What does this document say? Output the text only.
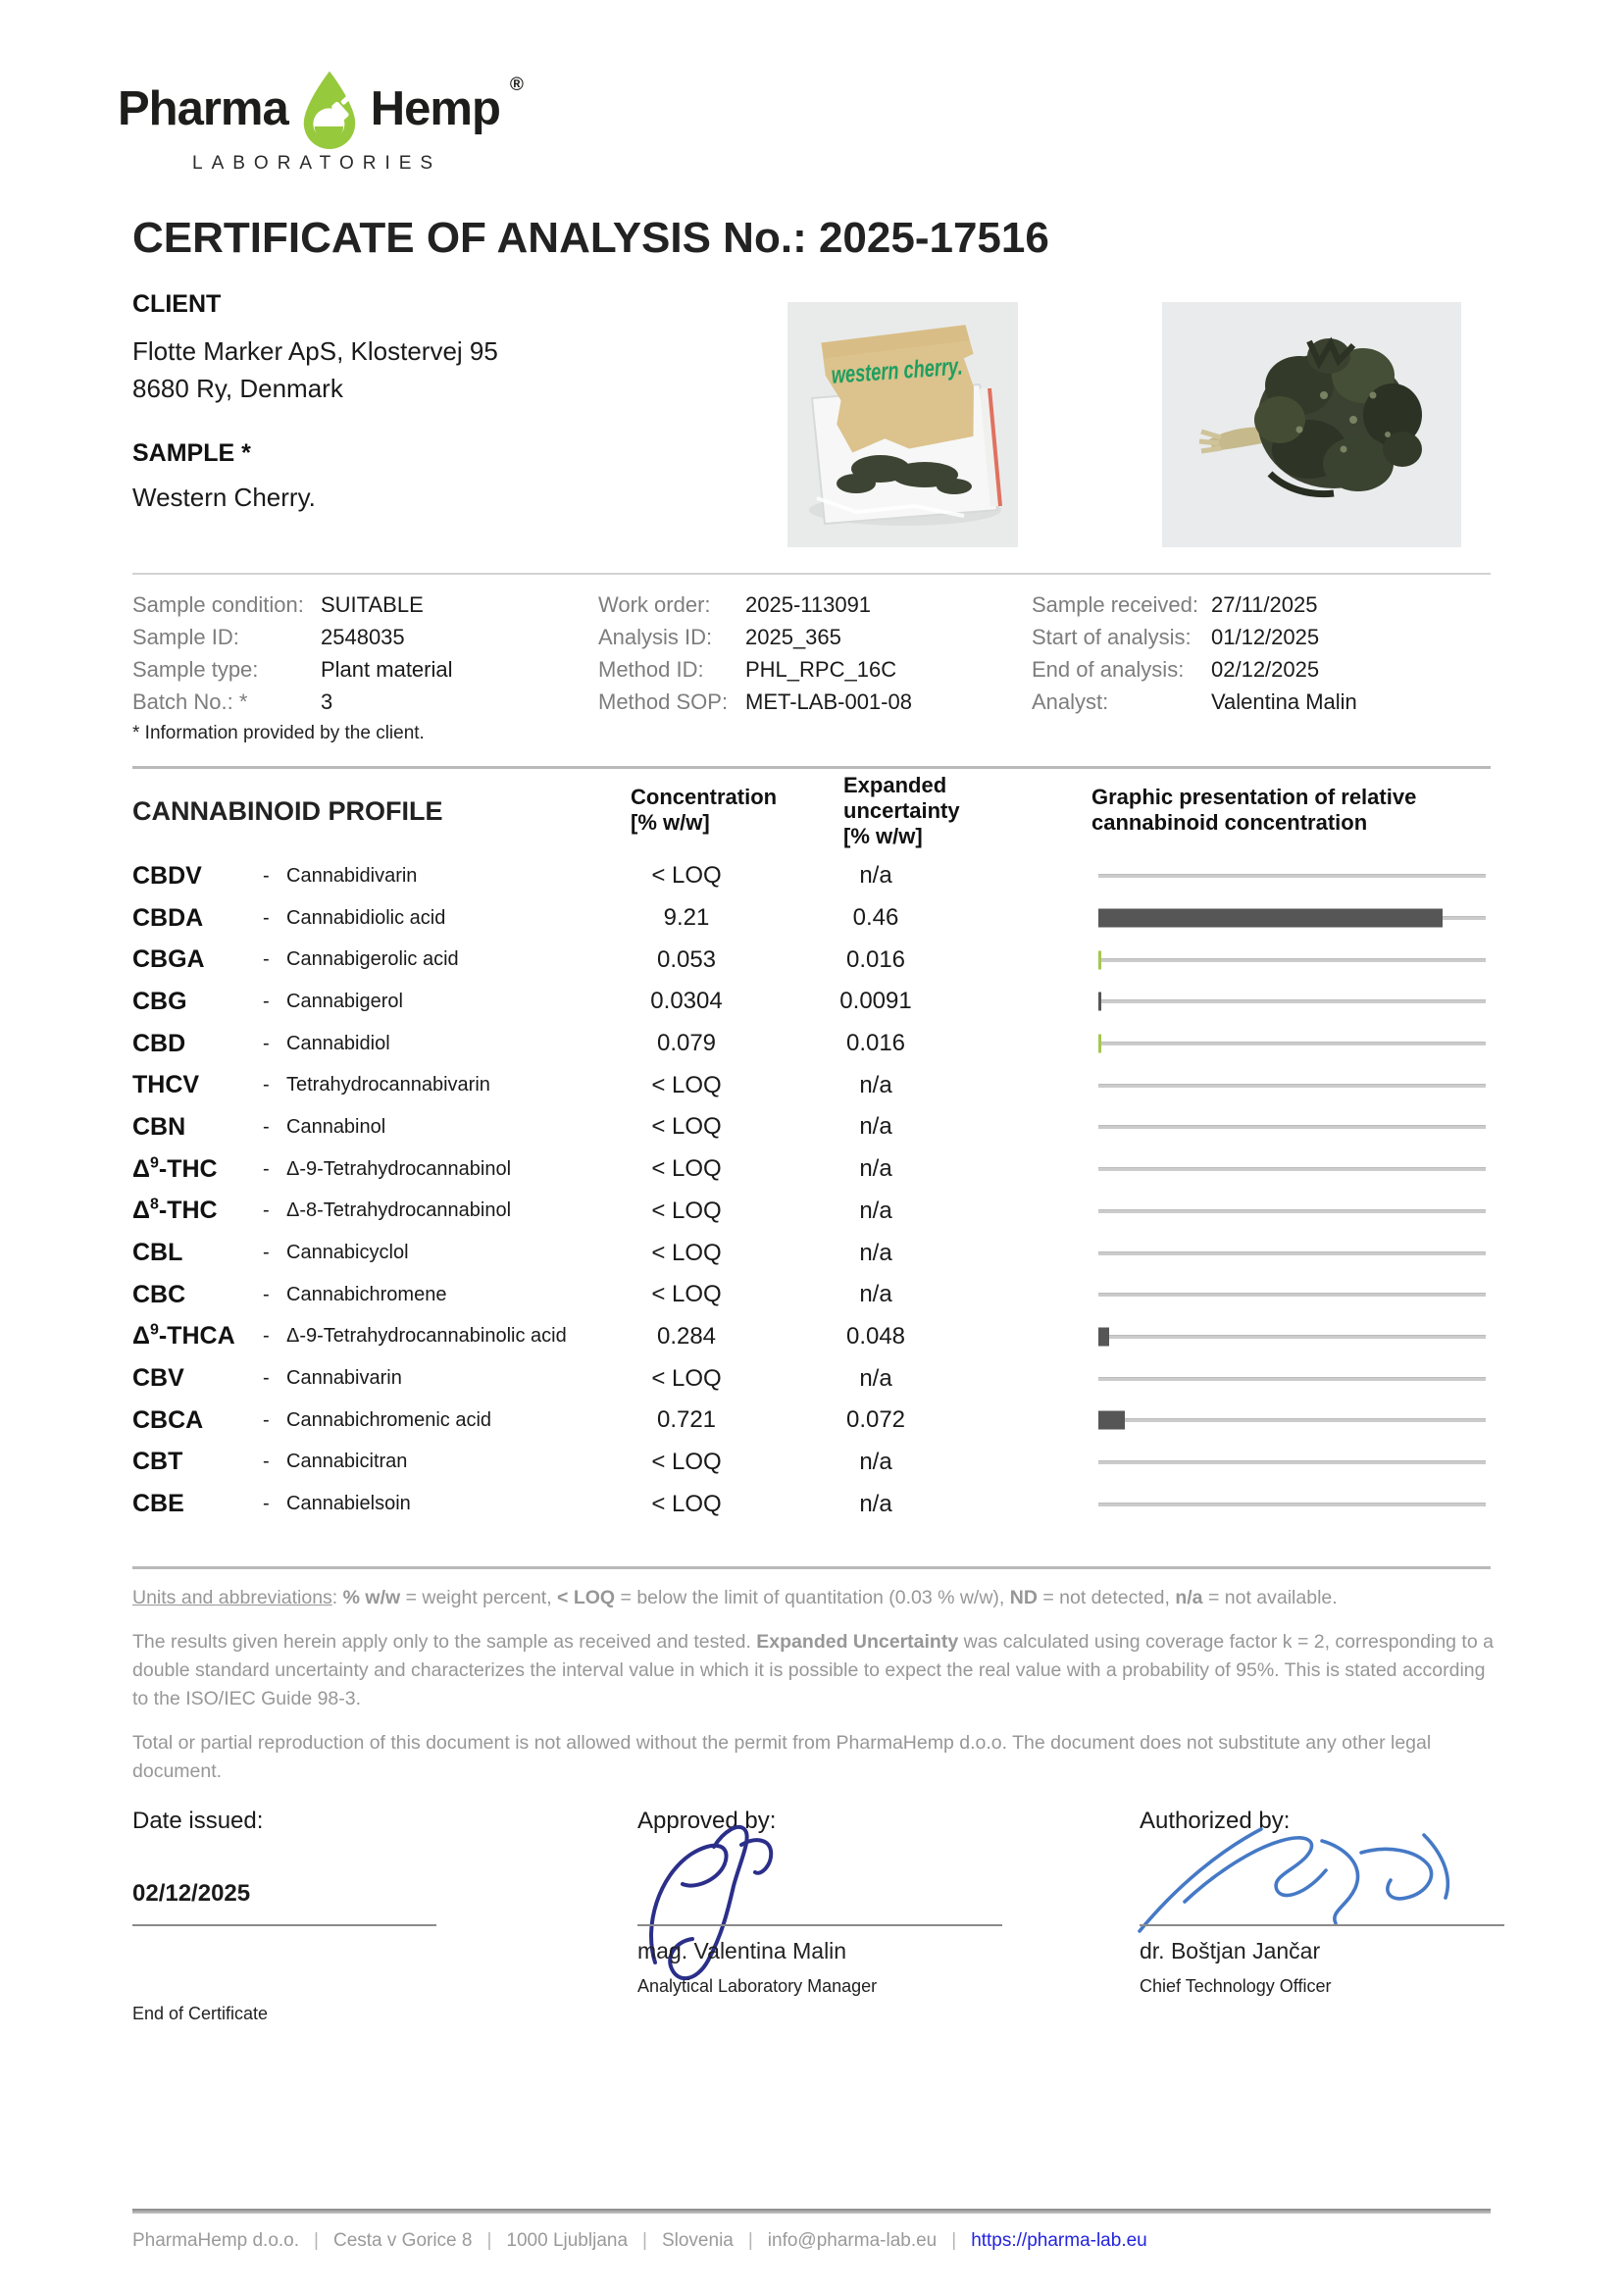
Pharma Hemp ®
LABORATORIES
CERTIFICATE OF ANALYSIS No.: 2025-17516
CLIENT
Flotte Marker ApS, Klostervej 95
8680 Ry, Denmark
SAMPLE *
Western Cherry.
western cherry.
Sample condition: SUITABLE
Sample ID:	2548035
Sample type:	Plant material
Batch No.: *	3
Work order:	2025-113091
Analysis ID:	2025_365
Method ID:	PHL_RPC_16C
Method SOP: MET-LAB-001-08
Sample received: 27/11/2025
Start of analysis: 01/12/2025
End of analysis:	02/12/2025
Analyst:	Valentina Malin
* Information provided by the client.
CANNABINOID PROFILE	Concentration
[% w/w]
Expanded
uncertainty
[% w/w]
Graphic presentation of relative
cannabinoid concentration
CBDV	- Cannabidivarin	< LOQ	n/a
CBDA	- Cannabidiolic acid	9.21	0.46
CBGA	- Cannabigerolic acid	0.053	0.016
CBG	- Cannabigerol	0.0304	0.0091
CBD	- Cannabidiol	0.079	0.016
THCV	- Tetrahydrocannabivarin	< LOQ	n/a
CBN	- Cannabinol	< LOQ	n/a
$\Delta^9$-THC	- Δ-9-Tetrahydrocannabinol	< LOQ	n/a
$\Delta^8$-THC	- Δ-8-Tetrahydrocannabinol	< LOQ	n/a
CBL	- Cannabicyclol	< LOQ	n/a
CBC	- Cannabichromene	< LOQ	n/a
$\Delta^9$-THCA	- Δ-9-Tetrahydrocannabinolic acid	0.284	0.048
CBV	- Cannabivarin	< LOQ	n/a
CBCA	- Cannabichromenic acid	0.721	0.072
CBT	- Cannabicitran	< LOQ	n/a
CBE	- Cannabielsoin	< LOQ	n/a
Units and abbreviations: % w/w = weight percent, < LOQ = below the limit of quantitation (0.03 % w/w), ND = not detected, n/a = not available.
The results given herein apply only to the sample as received and tested. Expanded Uncertainty was calculated using coverage factor k = 2, corresponding to a double standard uncertainty and characterizes the interval value in which it is possible to expect the real value with a probability of 95%. This is stated according to the ISO/IEC Guide 98-3.
Total or partial reproduction of this document is not allowed without the permit from PharmaHemp d.o.o. The document does not substitute any other legal document.
Date issued:
02/12/2025
End of Certificate
Approved by:
mag. Valentina Malin
Analytical Laboratory Manager
Authorized by:
dr. Boštjan Jančar
Chief Technology Officer
PharmaHemp d.o.o. | Cesta v Gorice 8 | 1000 Ljubljana | Slovenia | info@pharma-lab.eu | https://pharma-lab.eu
